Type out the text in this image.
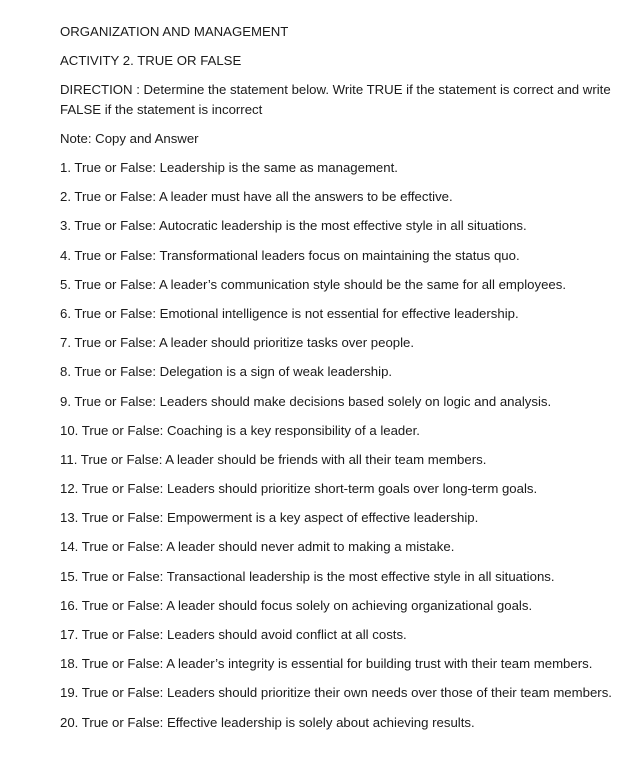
ORGANIZATION AND MANAGEMENT

ACTIVITY 2. TRUE OR FALSE

DIRECTION : Determine the statement below. Write TRUE if the statement is correct and write FALSE if the statement is incorrect

Note: Copy and Answer

1. True or False: Leadership is the same as management.

2. True or False: A leader must have all the answers to be effective.

3. True or False: Autocratic leadership is the most effective style in all situations.

4. True or False: Transformational leaders focus on maintaining the status quo.

5. True or False: A leader’s communication style should be the same for all employees.

6. True or False: Emotional intelligence is not essential for effective leadership.

7. True or False: A leader should prioritize tasks over people.

8. True or False: Delegation is a sign of weak leadership.

9. True or False: Leaders should make decisions based solely on logic and analysis.

10. True or False: Coaching is a key responsibility of a leader.

11. True or False: A leader should be friends with all their team members.

12. True or False: Leaders should prioritize short-term goals over long-term goals.

13. True or False: Empowerment is a key aspect of effective leadership.

14. True or False: A leader should never admit to making a mistake.

15. True or False: Transactional leadership is the most effective style in all situations.

16. True or False: A leader should focus solely on achieving organizational goals.

17. True or False: Leaders should avoid conflict at all costs.

18. True or False: A leader’s integrity is essential for building trust with their team members.

19. True or False: Leaders should prioritize their own needs over those of their team members.

20. True or False: Effective leadership is solely about achieving results.
